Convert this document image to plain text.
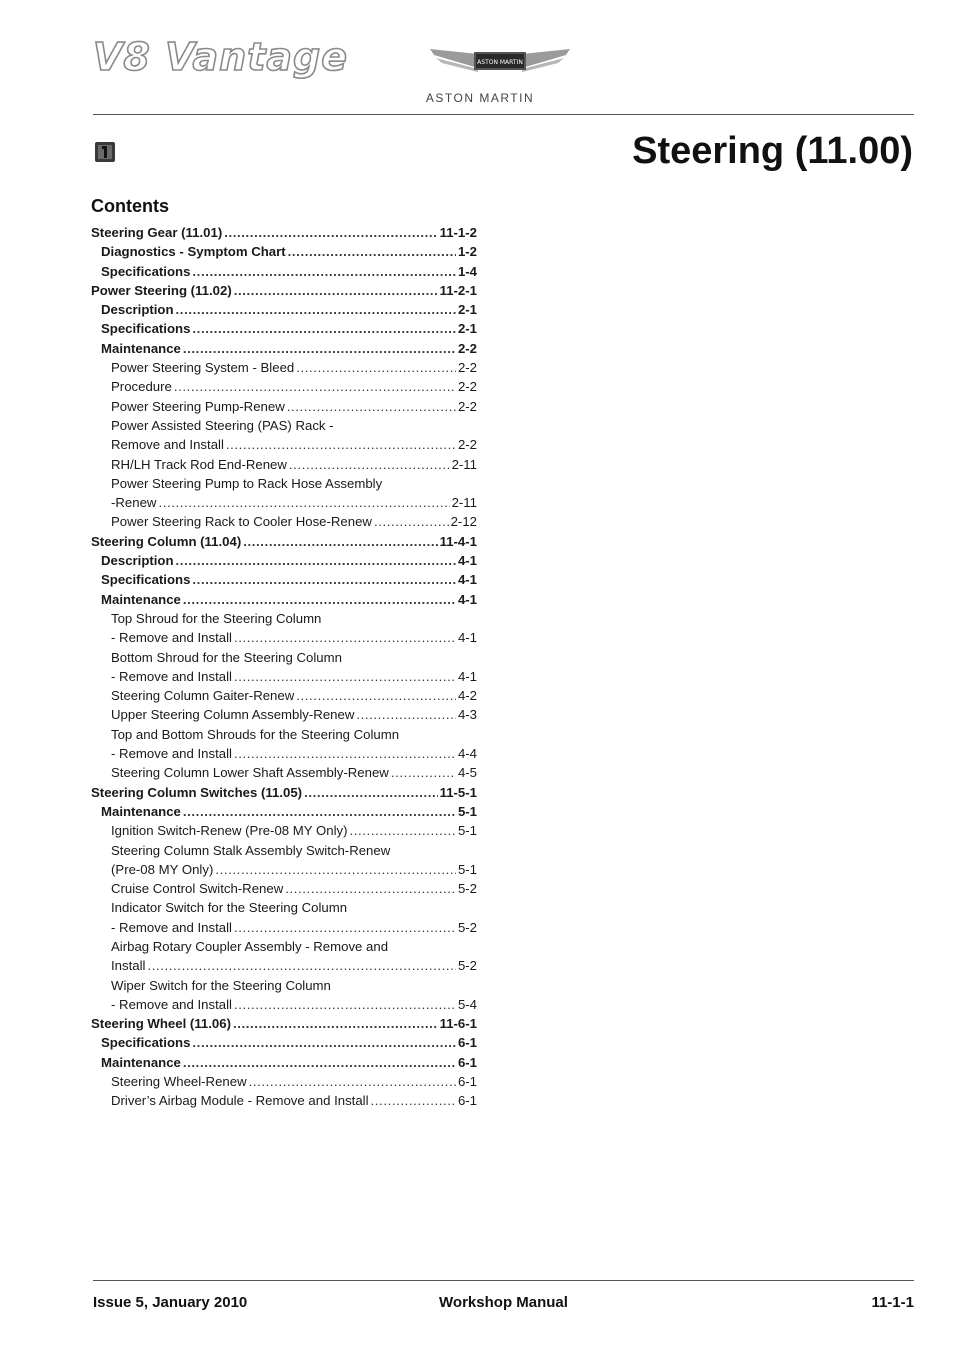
V8 Vantage	ASTON MARTIN
ASTON MARTIN
Steering (11.00)
Contents
Steering Gear (11.01) .....	11-1-2
Diagnostics - Symptom Chart .....	1-2
Specifications .....	1-4
Power Steering (11.02) .....	11-2-1
Description .....	2-1
Specifications .....	2-1
Maintenance .....	2-2
Power Steering System - Bleed .....	2-2
Procedure .....	2-2
Power Steering Pump-Renew .....	2-2
Power Assisted Steering (PAS) Rack -
Remove and Install .....	2-2
RH/LH Track Rod End-Renew .....	2-11
Power Steering Pump to Rack Hose Assembly
-Renew .....	2-11
Power Steering Rack to Cooler Hose-Renew .....	2-12
Steering Column (11.04) .....	11-4-1
Description .....	4-1
Specifications .....	4-1
Maintenance .....	4-1
Top Shroud for the Steering Column
- Remove and Install .....	4-1
Bottom Shroud for the Steering Column
- Remove and Install .....	4-1
Steering Column Gaiter-Renew .....	4-2
Upper Steering Column Assembly-Renew .....	4-3
Top and Bottom Shrouds for the Steering Column
- Remove and Install .....	4-4
Steering Column Lower Shaft Assembly-Renew .....	4-5
Steering Column Switches (11.05) .....	11-5-1
Maintenance .....	5-1
Ignition Switch-Renew (Pre-08 MY Only) .....	5-1
Steering Column Stalk Assembly Switch-Renew
(Pre-08 MY Only) .....	5-1
Cruise Control Switch-Renew .....	5-2
Indicator Switch for the Steering Column
- Remove and Install .....	5-2
Airbag Rotary Coupler Assembly - Remove and
Install .....	5-2
Wiper Switch for the Steering Column
- Remove and Install .....	5-4
Steering Wheel (11.06) .....	11-6-1
Specifications .....	6-1
Maintenance .....	6-1
Steering Wheel-Renew .....	6-1
Driver’s Airbag Module - Remove and Install .....	6-1
Issue 5, January 2010	Workshop Manual	11-1-1
